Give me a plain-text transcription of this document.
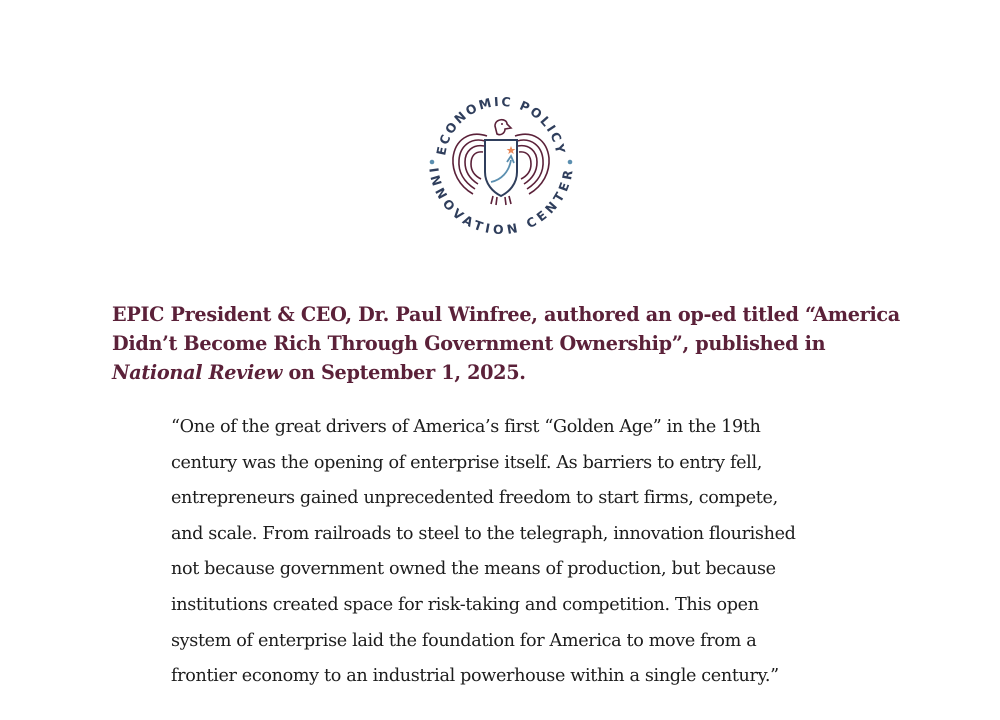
ECONOMIC POLICY
INNOVATION CENTER

EPIC President & CEO, Dr. Paul Winfree, authored an op-ed titled “America Didn’t Become Rich Through Government Ownership”, published in National Review on September 1, 2025.

“One of the great drivers of America’s first “Golden Age” in the 19th
century was the opening of enterprise itself. As barriers to entry fell,
entrepreneurs gained unprecedented freedom to start firms, compete,
and scale. From railroads to steel to the telegraph, innovation flourished
not because government owned the means of production, but because
institutions created space for risk-taking and competition. This open
system of enterprise laid the foundation for America to move from a
frontier economy to an industrial powerhouse within a single century.”
